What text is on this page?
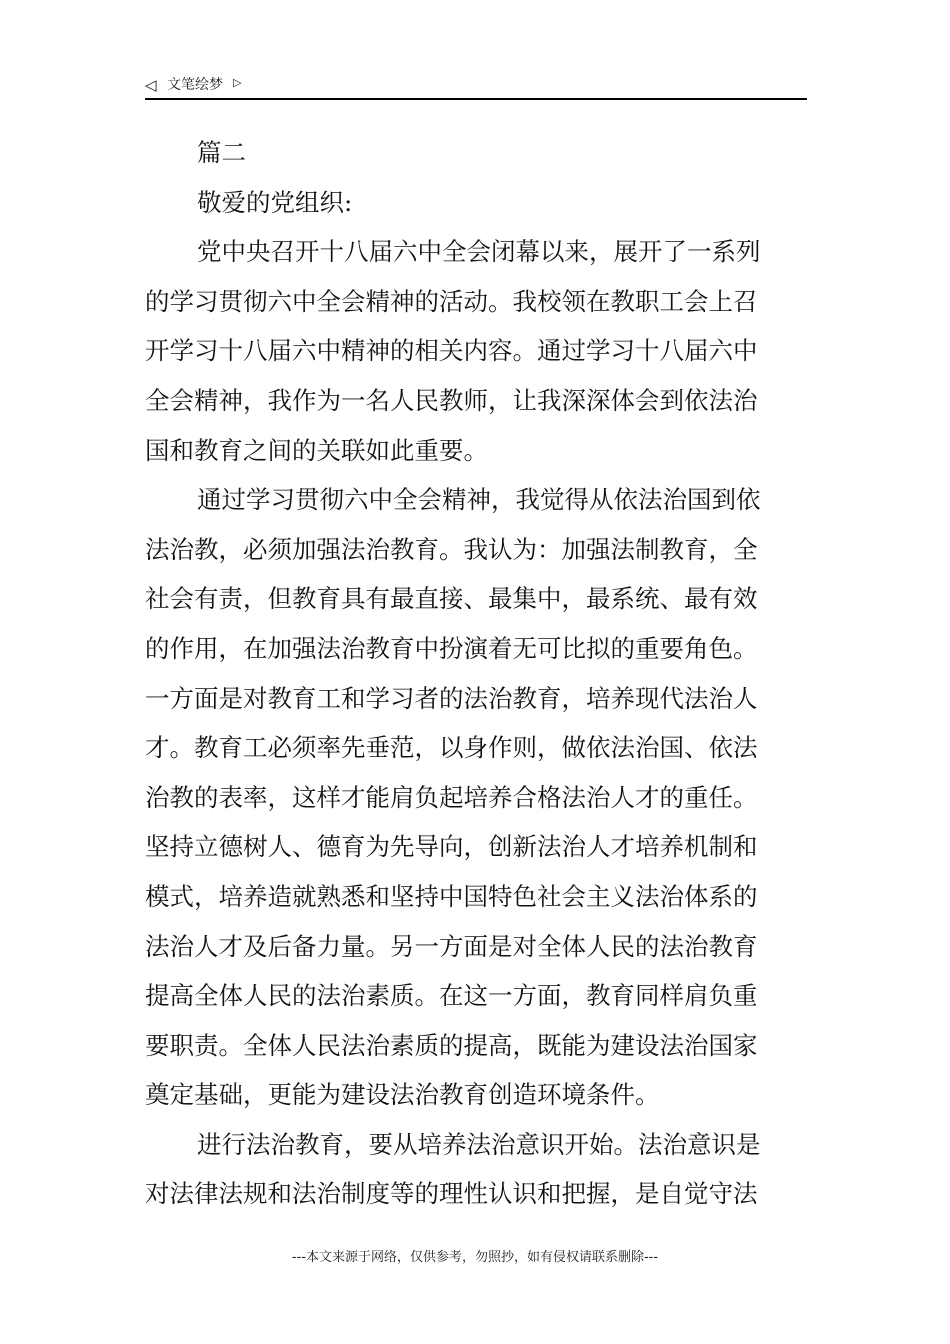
◁ 文笔绘梦 ▷
篇二
敬爱的党组织:
党中央召开十八届六中全会闭幕以来，展开了一系列
的学习贯彻六中全会精神的活动。我校领在教职工会上召
开学习十八届六中精神的相关内容。通过学习十八届六中
全会精神，我作为一名人民教师，让我深深体会到依法治
国和教育之间的关联如此重要。
通过学习贯彻六中全会精神，我觉得从依法治国到依
法治教，必须加强法治教育。我认为：加强法制教育，全
社会有责，但教育具有最直接、最集中，最系统、最有效
的作用，在加强法治教育中扮演着无可比拟的重要角色。
一方面是对教育工和学习者的法治教育，培养现代法治人
才。教育工必须率先垂范，以身作则，做依法治国、依法
治教的表率，这样才能肩负起培养合格法治人才的重任。
坚持立德树人、德育为先导向，创新法治人才培养机制和
模式，培养造就熟悉和坚持中国特色社会主义法治体系的
法治人才及后备力量。另一方面是对全体人民的法治教育
提高全体人民的法治素质。在这一方面，教育同样肩负重
要职责。全体人民法治素质的提高，既能为建设法治国家
奠定基础，更能为建设法治教育创造环境条件。
进行法治教育，要从培养法治意识开始。法治意识是
对法律法规和法治制度等的理性认识和把握，是自觉守法
---本文来源于网络，仅供参考，勿照抄，如有侵权请联系删除---
